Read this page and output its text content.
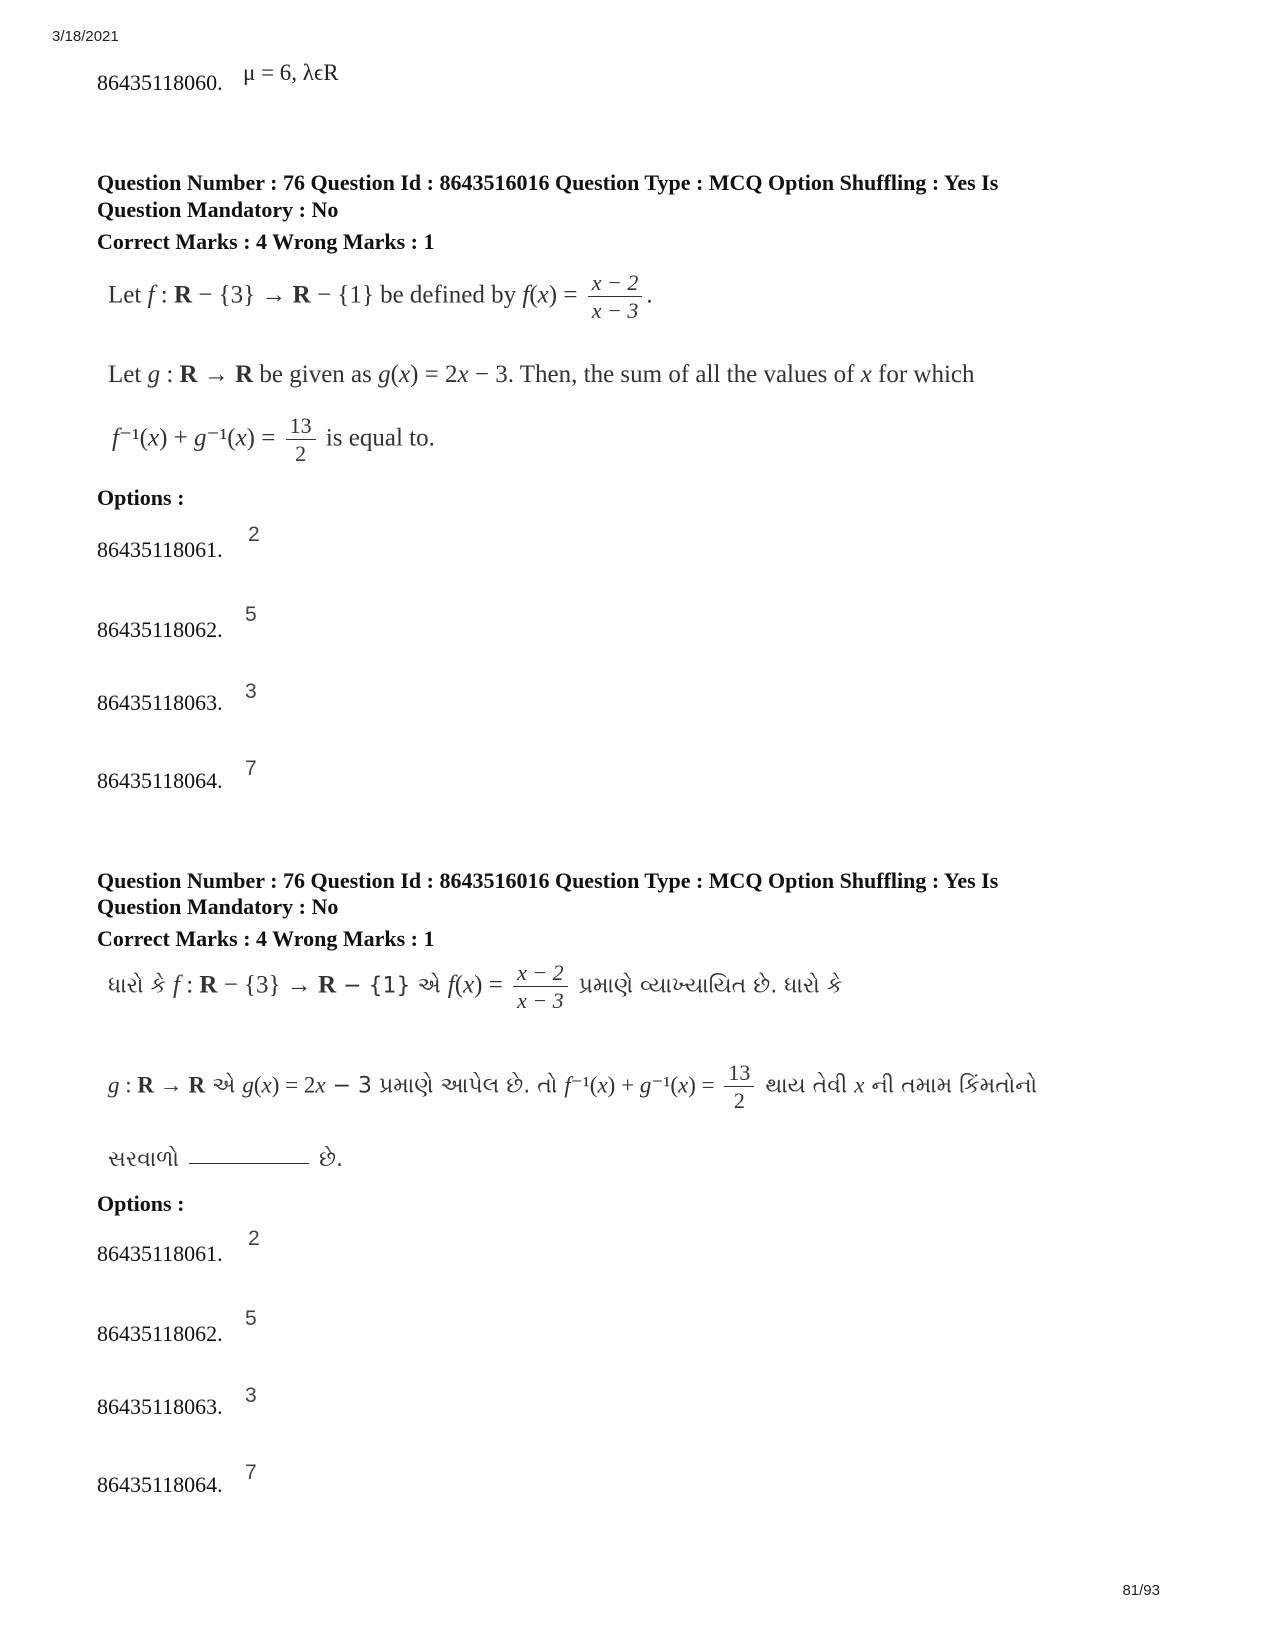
3/18/2021
81/93
86435118060. μ = 6, λϵR
Question Number : 76 Question Id : 8643516016 Question Type : MCQ Option Shuffling : Yes Is
Question Mandatory : No
Correct Marks : 4 Wrong Marks : 1
Let f : R − {3} → R − {1} be defined by $f(x) = \frac{x - 2}{x - 3}$ .
Let g : R → R be given as g(x) = 2x − 3. Then, the sum of all the values of x for which
$f^{-1}(x) + g^{-1}(x) = \frac{13}{2}$ is equal to.
Options :
86435118061.
2
86435118062.
5
86435118063. 3
86435118064. 7
Question Number : 76 Question Id : 8643516016 Question Type : MCQ Option Shuffling : Yes Is
Question Mandatory : No
Correct Marks : 4 Wrong Marks : 1
ધારો કે f : R − {3} → R − {1} એ $f(x) = \frac{x - 2}{x - 3}$ પ્રમાણે વ્યાખ્યાયિત છે. ધારો કે
g : R → R એ g(x) = 2x − 3 પ્રમાણે આપેલ છે. તો $f^{-1}(x) + g^{-1}(x) = \frac{13}{2}$ થાય તેવી x ની તમામ કિંમતોનો
સરવાળો	છે.
Options :
86435118061.
2
86435118062.
5
86435118063. 3
86435118064. 7
